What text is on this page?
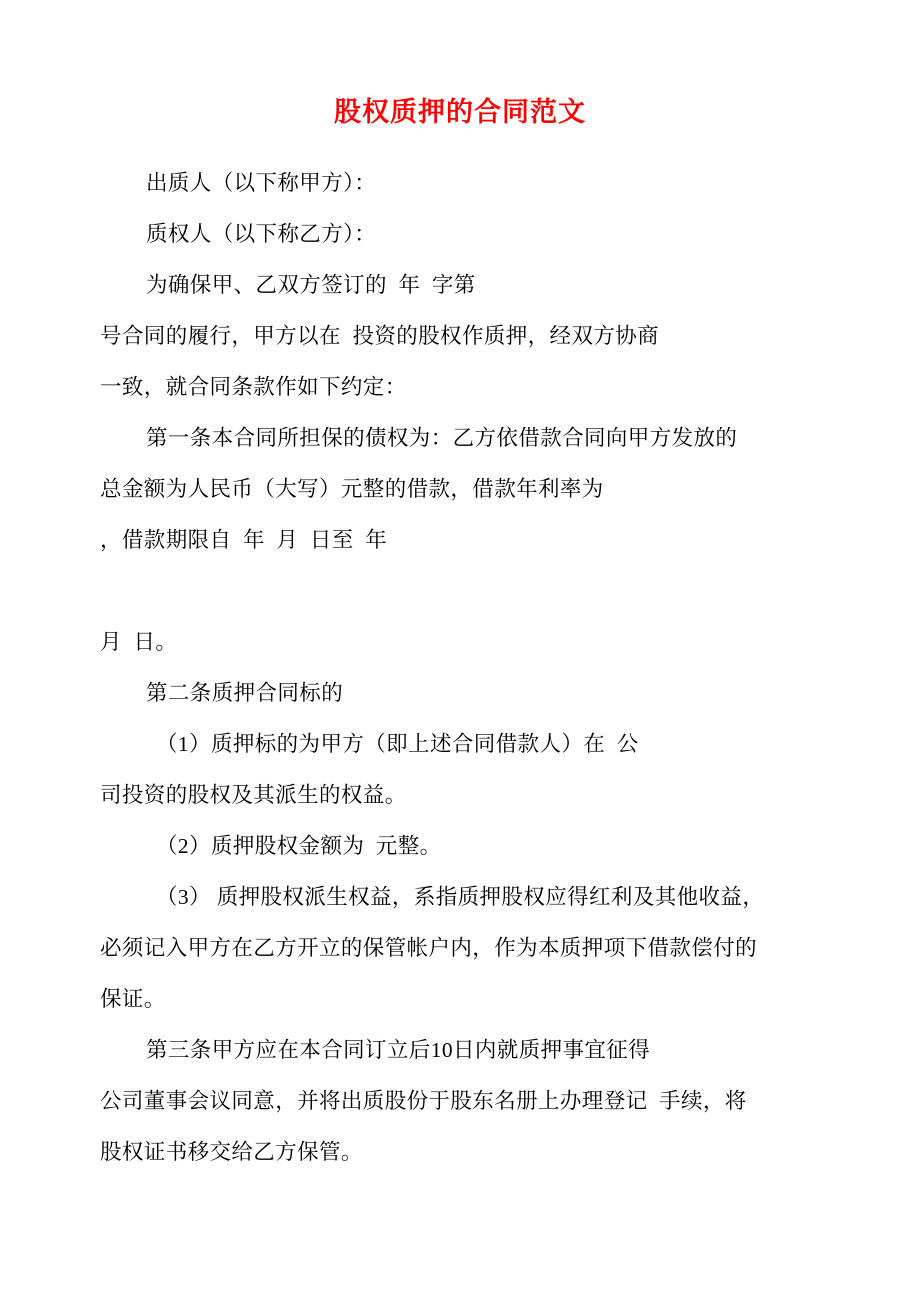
股权质押的合同范文

出质人（以下称甲方）：

质权人（以下称乙方）：

为确保甲、乙双方签订的  年  字第

号合同的履行，甲方以在  投资的股权作质押，经双方协商

一致，就合同条款作如下约定：

第一条本合同所担保的债权为：乙方依借款合同向甲方发放的

总金额为人民币（大写）元整的借款，借款年利率为

，借款期限自  年  月  日至  年

月  日。

第二条质押合同标的

（1）质押标的为甲方（即上述合同借款人）在  公

司投资的股权及其派生的权益。

（2）质押股权金额为  元整。

（3） 质押股权派生权益，系指质押股权应得红利及其他收益，

必须记入甲方在乙方开立的保管帐户内，作为本质押项下借款偿付的

保证。

第三条甲方应在本合同订立后10日内就质押事宜征得

公司董事会议同意，并将出质股份于股东名册上办理登记  手续，将

股权证书移交给乙方保管。
